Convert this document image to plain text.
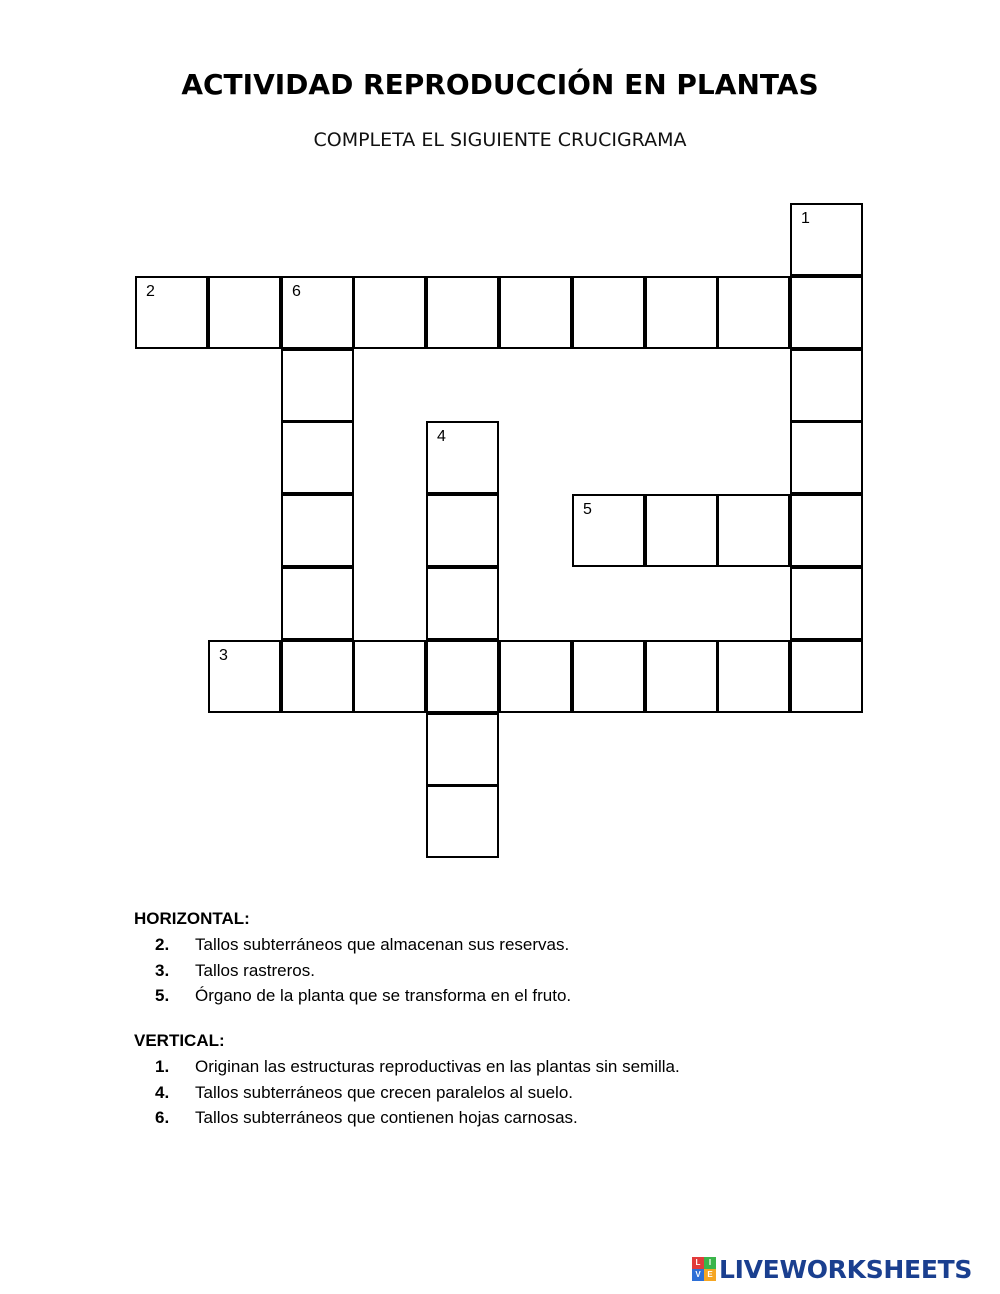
ACTIVIDAD REPRODUCCIÓN EN PLANTAS
COMPLETA EL SIGUIENTE CRUCIGRAMA
1
2	6
4
5
3
HORIZONTAL:
2.	Tallos subterráneos que almacenan sus reservas.
3.	Tallos rastreros.
5.	Órgano de la planta que se transforma en el fruto.
VERTICAL:
1.	Originan las estructuras reproductivas en las plantas sin semilla.
4.	Tallos subterráneos que crecen paralelos al suelo.
6.	Tallos subterráneos que contienen hojas carnosas.
L	I
V E LIVEWORKSHEETS
